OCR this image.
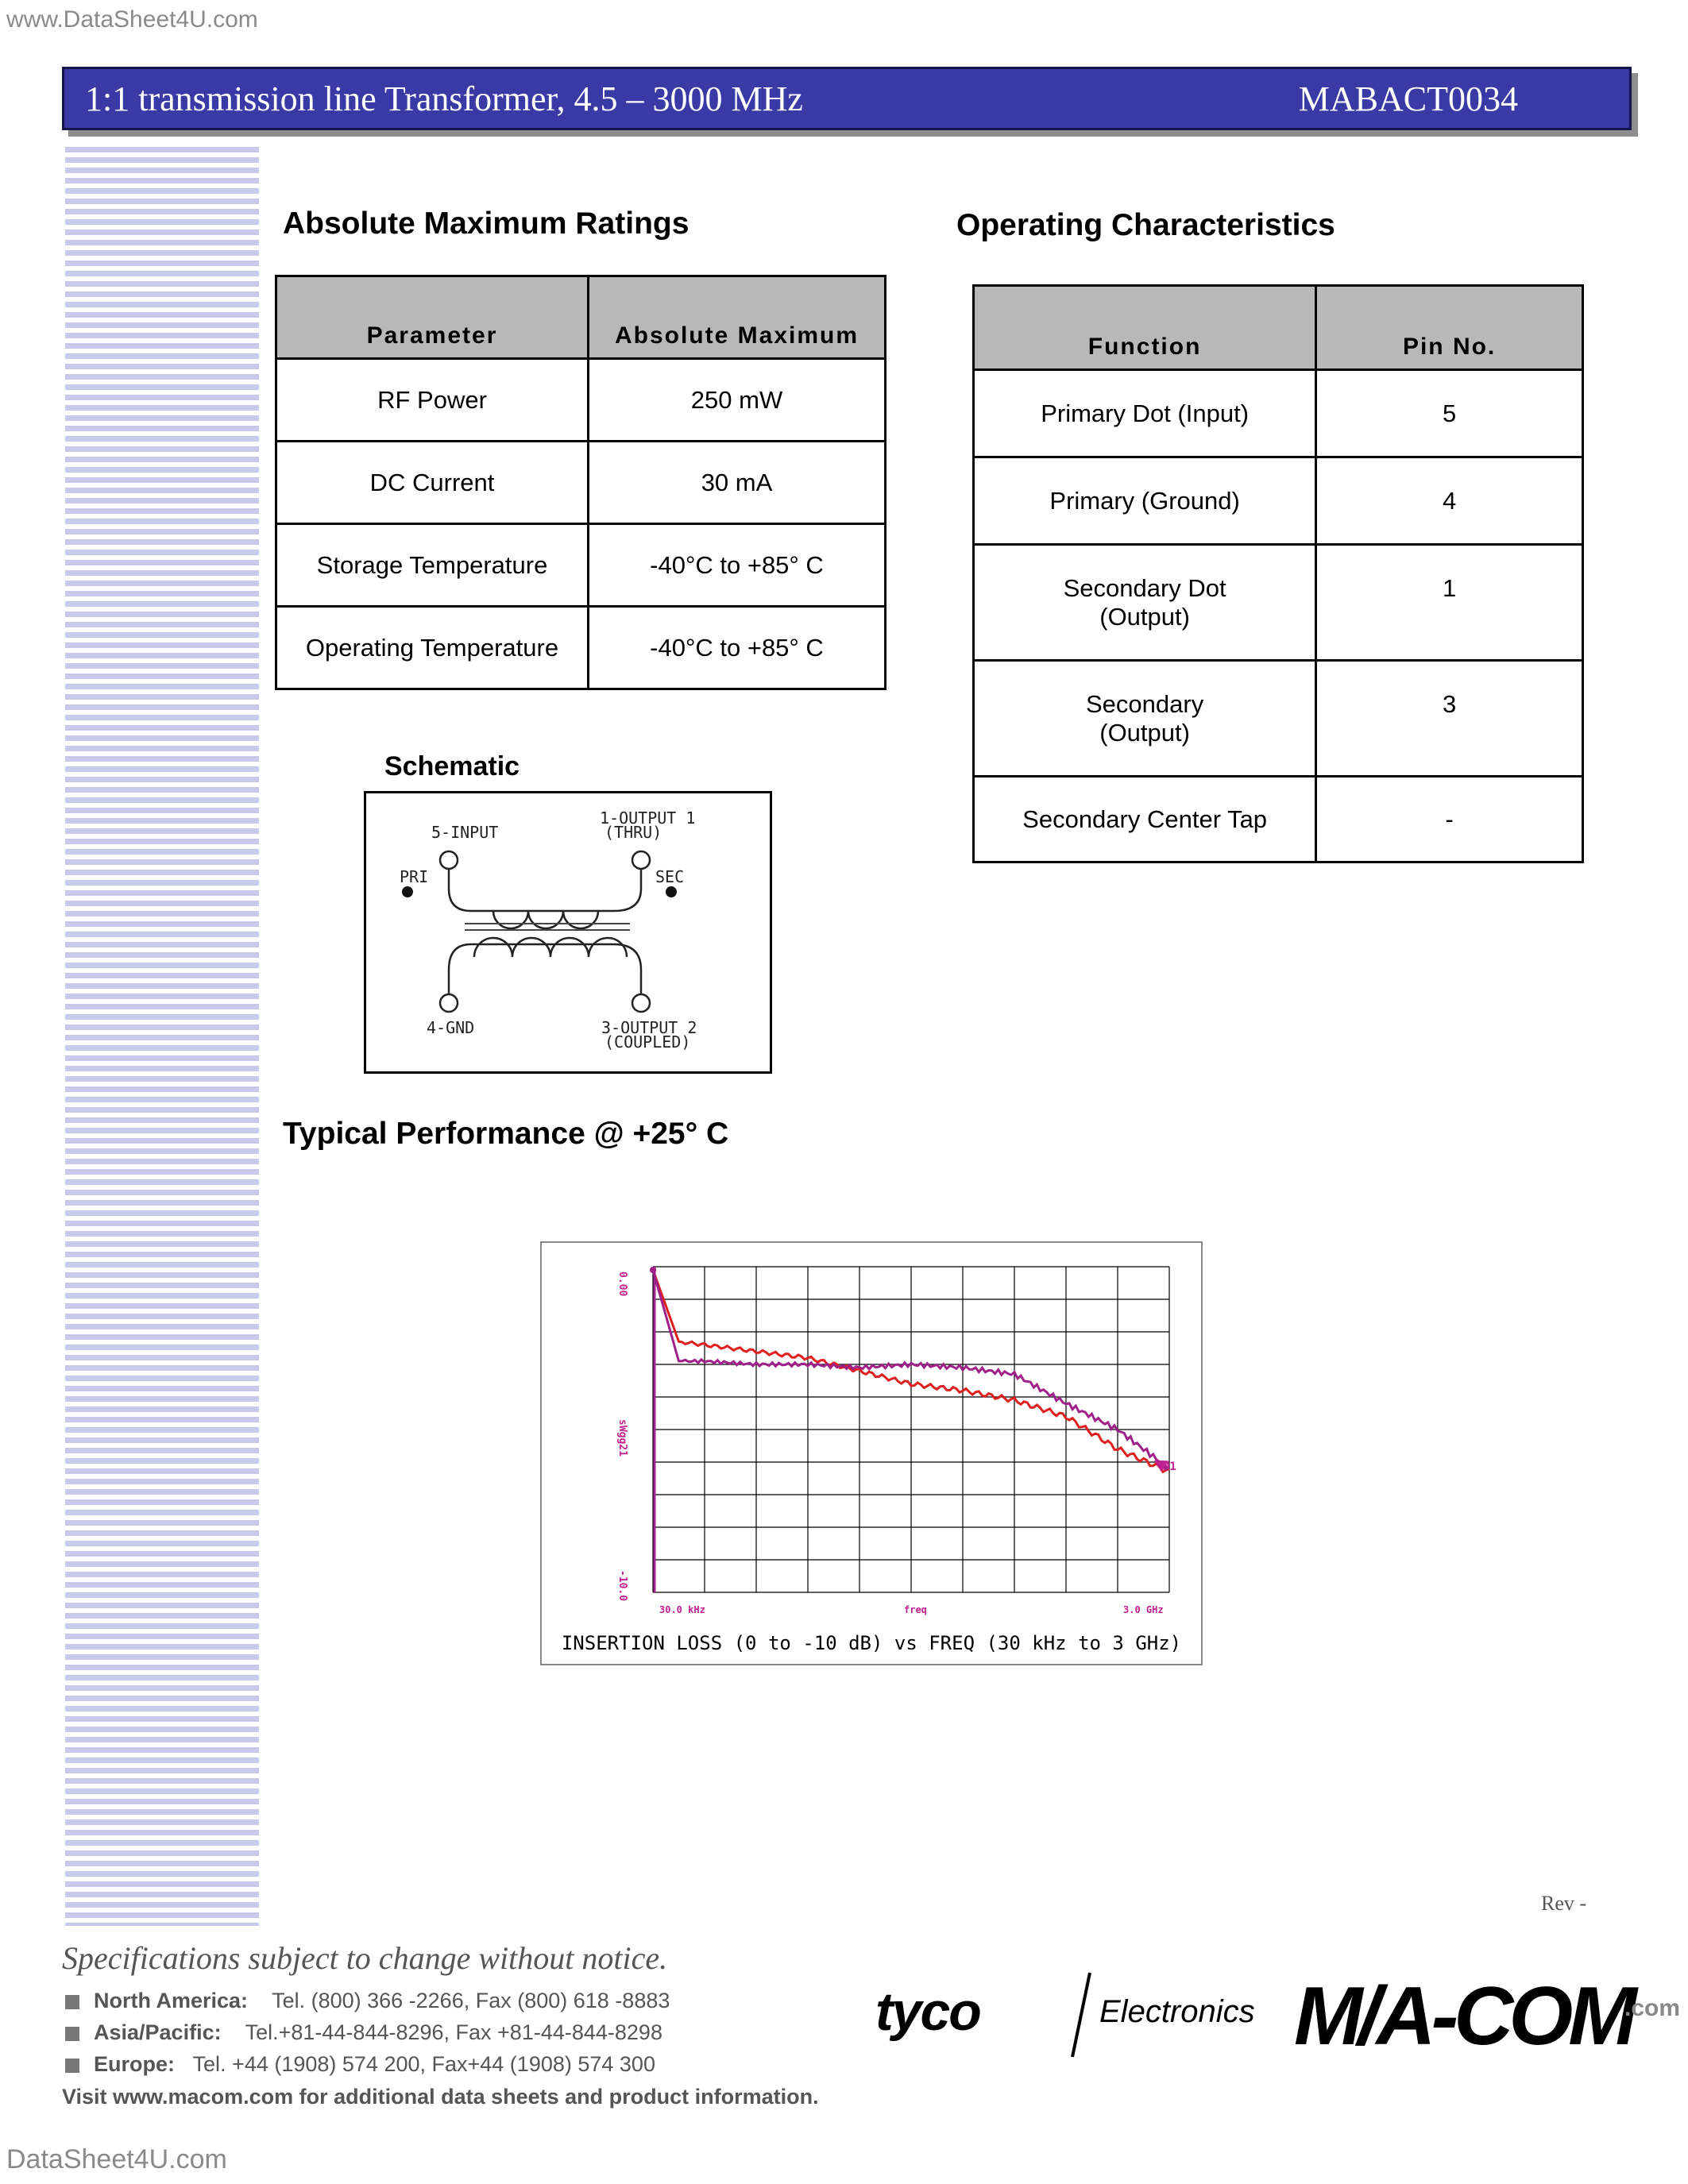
www.DataSheet4U.com
1:1 transmission line Transformer, 4.5 – 3000 MHz	MABACT0034
Absolute Maximum Ratings
Parameter	Absolute Maximum
RF Power	250 mW
DC Current	30 mA
Storage Temperature	-40°C to +85° C
Operating Temperature	-40°C to +85° C
Operating Characteristics
Function	Pin No.
Primary Dot (Input)	5
Primary (Ground)	4
Secondary Dot (Output)	1
Secondary (Output)	3
Secondary Center Tap	-
Schematic
5-INPUT
1-OUTPUT 1
(THRU)
PRI	SEC
4-GND	3-OUTPUT 2
(COUPLED)
Typical Performance @ +25° C
0.00
sWgg21
-10.0
30.0 kHz	freq	3.0 GHz
M1
INSERTION LOSS (0 to -10 dB) vs FREQ (30 kHz to 3 GHz)
Rev -
Specifications subject to change without notice.
North America: Tel. (800) 366 -2266, Fax (800) 618 -8883
Asia/Pacific: Tel.+81-44-844-8296, Fax +81-44-844-8298
Europe: Tel. +44 (1908) 574 200, Fax+44 (1908) 574 300
Visit www.macom.com for additional data sheets and product information.
tyco	Electronics M/A-COM
.com
DataSheet4U.com
